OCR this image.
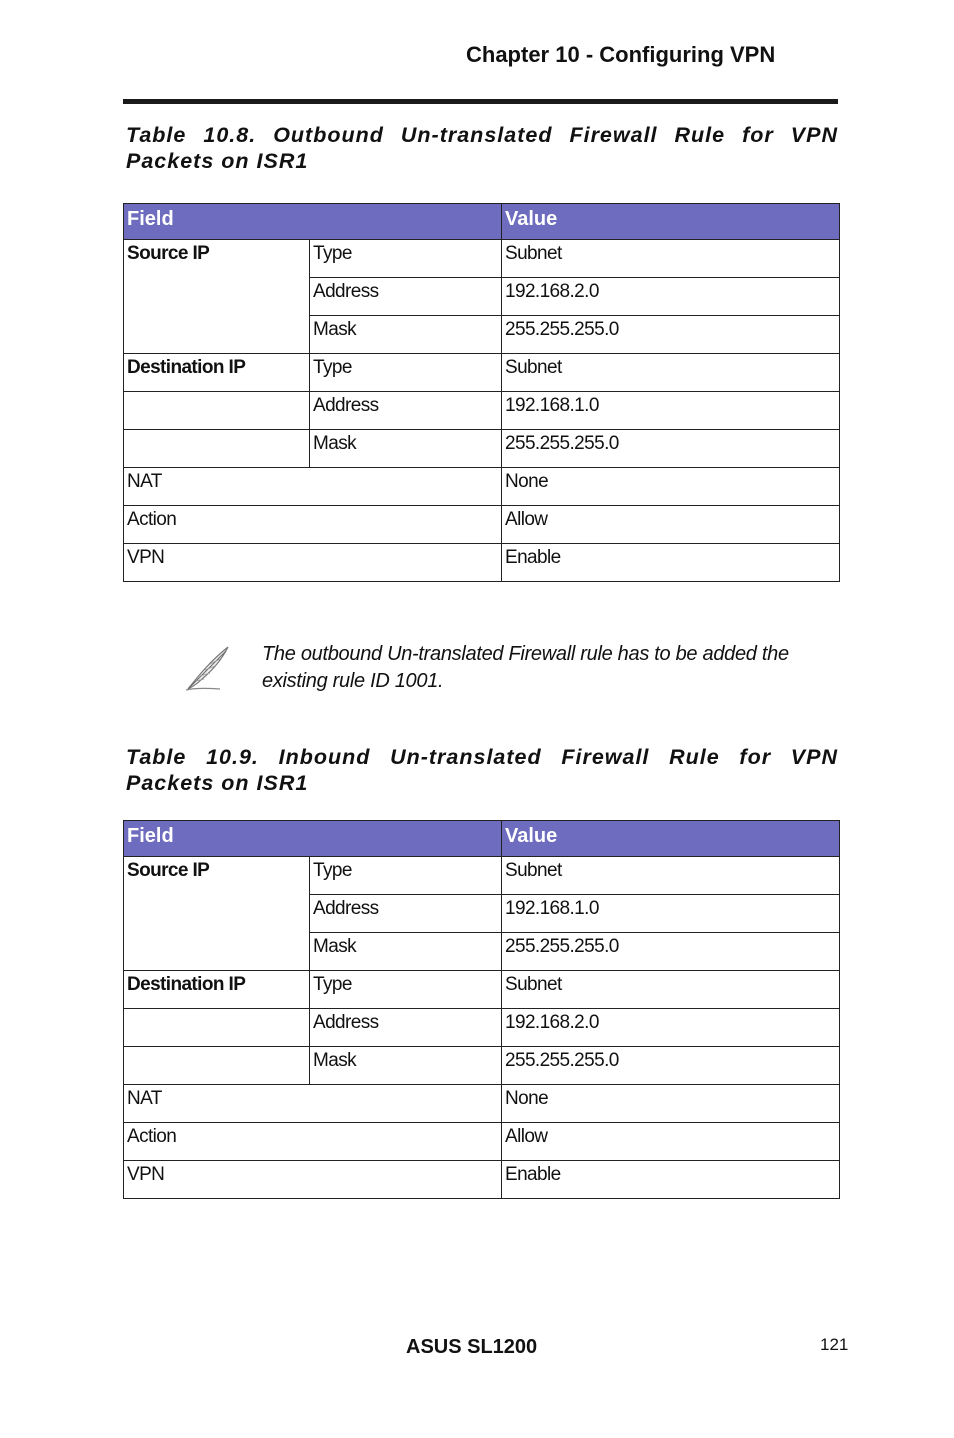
Chapter 10 - Configuring VPN
Table 10.8. Outbound Un-translated Firewall Rule for VPN Packets on ISR1
Field		Value
Source IP	Type	Subnet
	Address	192.168.2.0
	Mask	255.255.255.0
Destination IP	Type	Subnet
	Address	192.168.1.0
	Mask	255.255.255.0
NAT		None
Action		Allow
VPN		Enable
The outbound Un-translated Firewall rule has to be added the existing rule ID 1001.
Table 10.9. Inbound Un-translated Firewall Rule for VPN Packets on ISR1
Field		Value
Source IP	Type	Subnet
	Address	192.168.1.0
	Mask	255.255.255.0
Destination IP	Type	Subnet
	Address	192.168.2.0
	Mask	255.255.255.0
NAT		None
Action		Allow
VPN		Enable
ASUS SL1200	121
